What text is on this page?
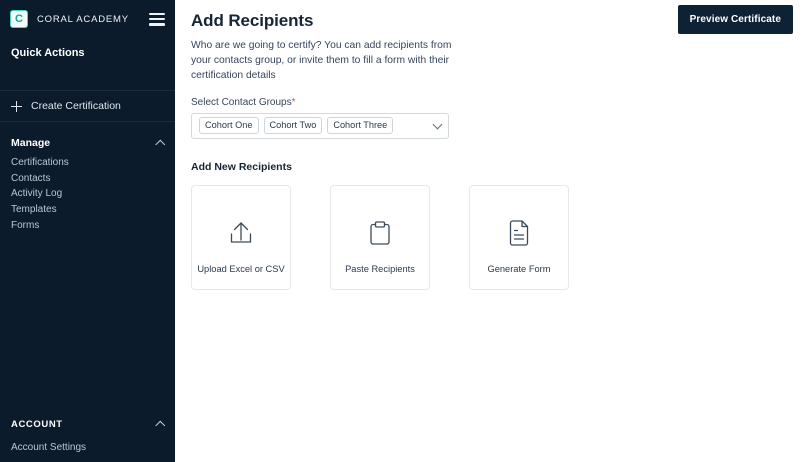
C	CORAL ACADEMY
Quick Actions
Create Certification
Manage
Certifications
Contacts
Activity Log
Templates
Forms
ACCOUNT
Account Settings
Preview Certificate
Add Recipients

Who are we going to certify? You can add recipients from your contacts group, or invite them to fill a form with their certification details

Select Contact Groups*
Cohort One	Cohort Two	Cohort Three
Add New Recipients
Upload Excel or CSV	Paste Recipients	Generate Form
